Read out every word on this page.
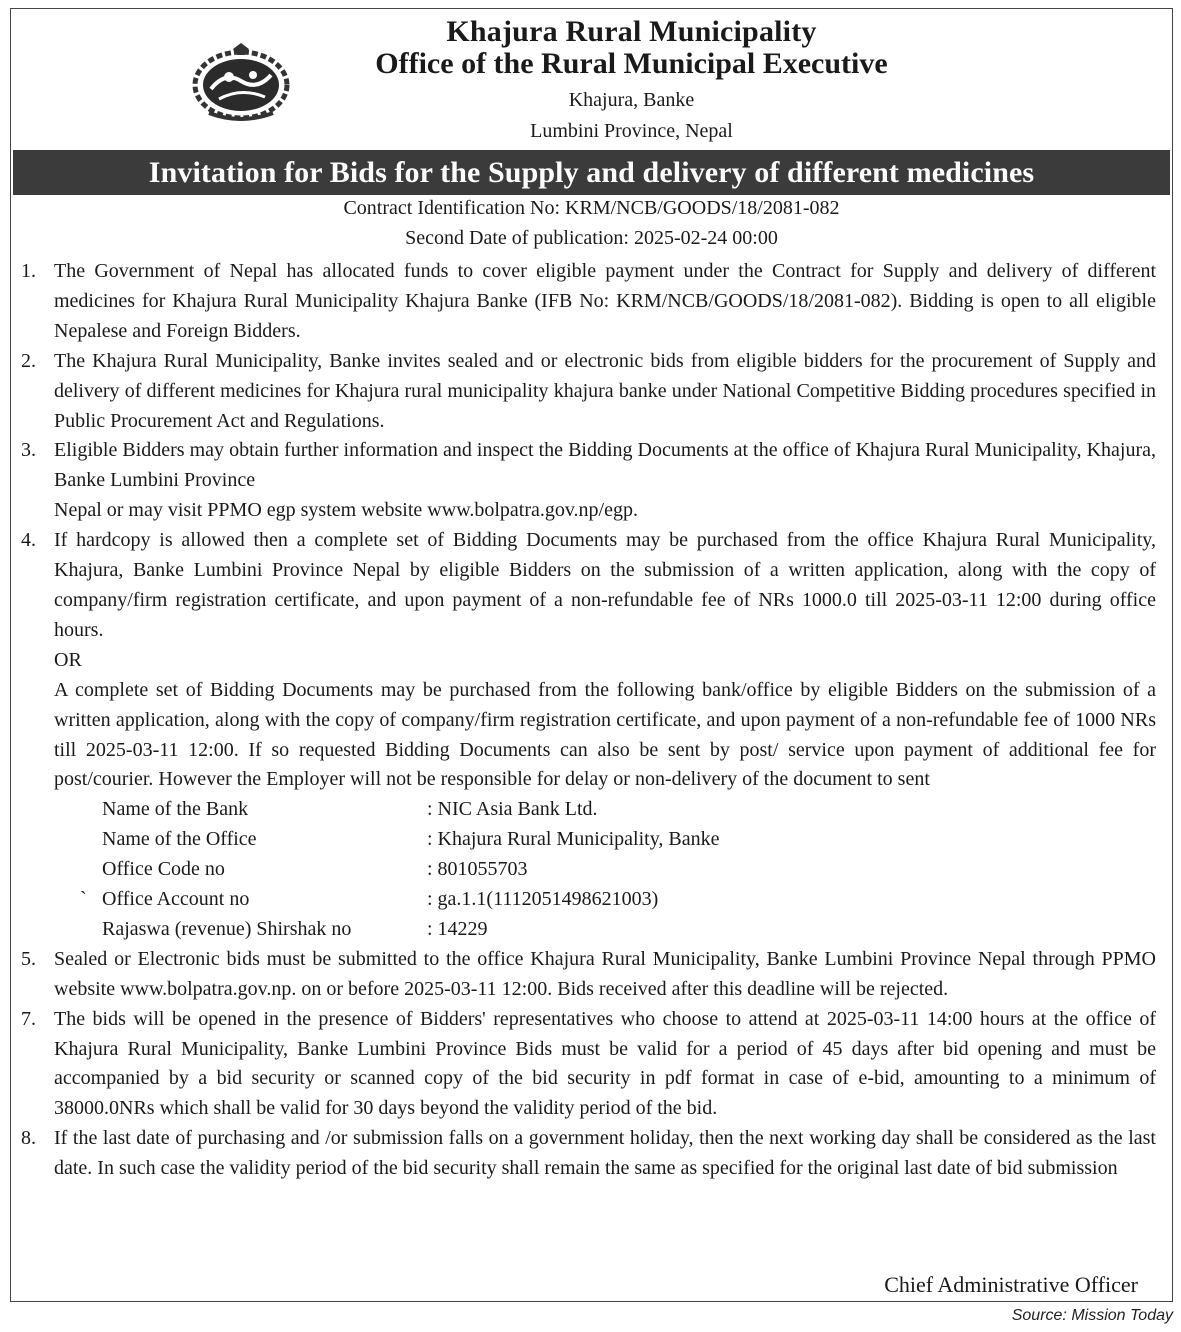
Khajura Rural Municipality

Office of the Rural Municipal Executive

Khajura, Banke

Lumbini Province, Nepal

Invitation for Bids for the Supply and delivery of different medicines
Contract Identification No: KRM/NCB/GOODS/18/2081-082
Second Date of publication: 2025-02-24 00:00
1. The Government of Nepal has allocated funds to cover eligible payment under the Contract for Supply and delivery of different medicines for Khajura Rural Municipality Khajura Banke (IFB No: KRM/NCB/GOODS/18/2081-082). Bidding is open to all eligible Nepalese and Foreign Bidders.
2. The Khajura Rural Municipality, Banke invites sealed and or electronic bids from eligible bidders for the procurement of Supply and delivery of different medicines for Khajura rural municipality khajura banke under National Competitive Bidding procedures specified in Public Procurement Act and Regulations.
3. Eligible Bidders may obtain further information and inspect the Bidding Documents at the office of Khajura Rural Municipality, Khajura, Banke Lumbini Province
Nepal or may visit PPMO egp system website www.bolpatra.gov.np/egp.
4. If hardcopy is allowed then a complete set of Bidding Documents may be purchased from the office Khajura Rural Municipality, Khajura, Banke Lumbini Province Nepal by eligible Bidders on the submission of a written application, along with the copy of company/firm registration certificate, and upon payment of a non-refundable fee of NRs 1000.0 till 2025-03-11 12:00 during office hours.
OR
A complete set of Bidding Documents may be purchased from the following bank/office by eligible Bidders on the submission of a written application, along with the copy of company/firm registration certificate, and upon payment of a non-refundable fee of 1000 NRs till 2025-03-11 12:00. If so requested Bidding Documents can also be sent by post/ service upon payment of additional fee for post/courier. However the Employer will not be responsible for delay or non-delivery of the document to sent
Name of the Bank	: NIC Asia Bank Ltd.
Name of the Office	: Khajura Rural Municipality, Banke
Office Code no	: 801055703

` Office Account no	: ga.1.1(1112051498621003)
Rajaswa (revenue) Shirshak no	: 14229
5. Sealed or Electronic bids must be submitted to the office Khajura Rural Municipality, Banke Lumbini Province Nepal through PPMO website www.bolpatra.gov.np. on or before 2025-03-11 12:00. Bids received after this deadline will be rejected.
7. The bids will be opened in the presence of Bidders' representatives who choose to attend at 2025-03-11 14:00 hours at the office of Khajura Rural Municipality, Banke Lumbini Province Bids must be valid for a period of 45 days after bid opening and must be accompanied by a bid security or scanned copy of the bid security in pdf format in case of e-bid, amounting to a minimum of 38000.0NRs which shall be valid for 30 days beyond the validity period of the bid.
8. If the last date of purchasing and /or submission falls on a government holiday, then the next working day shall be considered as the last date. In such case the validity period of the bid security shall remain the same as specified for the original last date of bid submission
Chief Administrative Officer
Source: Mission Today
